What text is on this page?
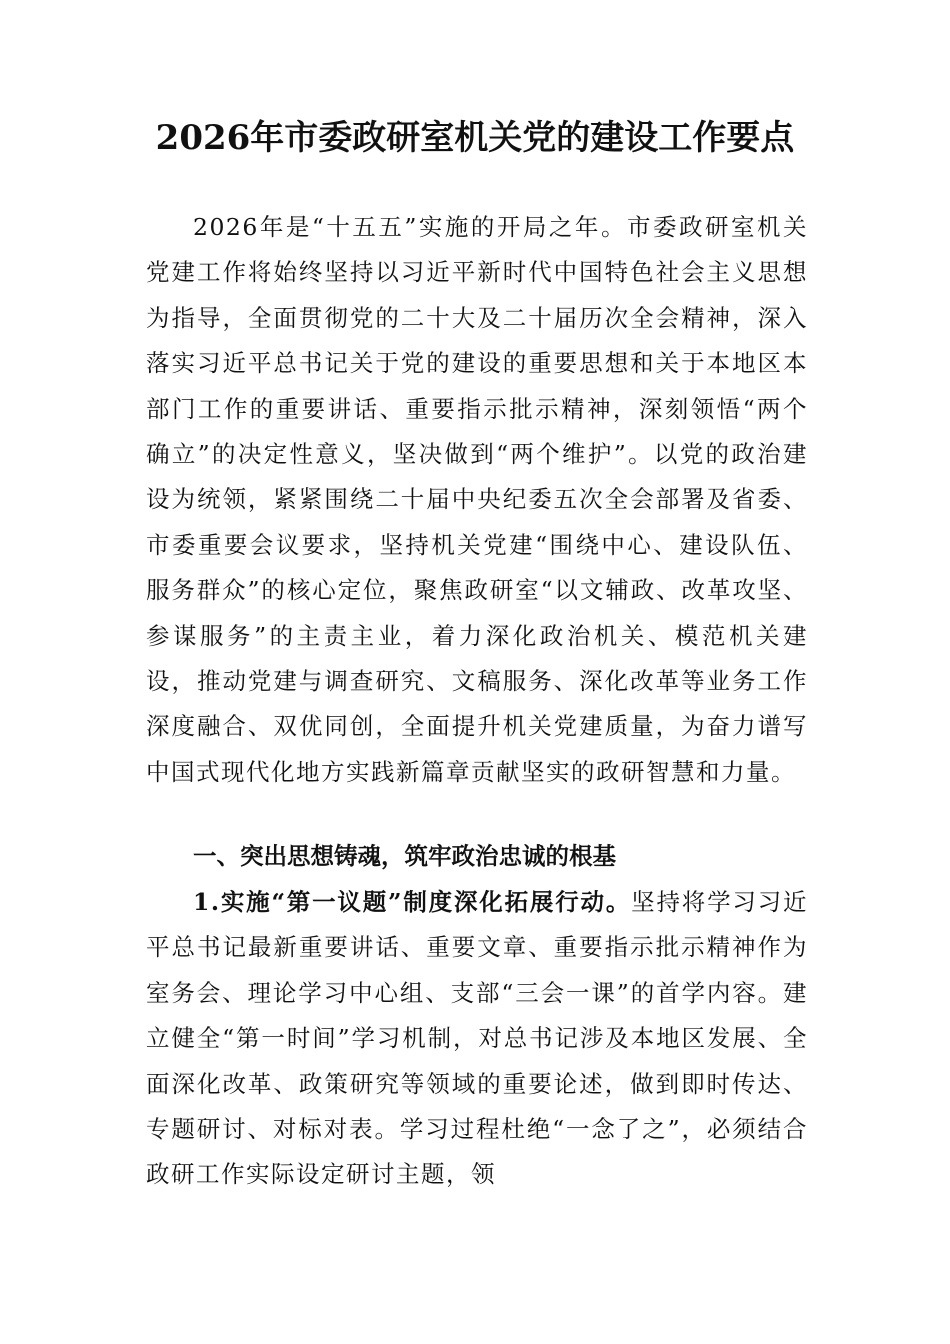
2026年市委政研室机关党的建设工作要点
2026年是“十五五”实施的开局之年。市委政研室机关党建工作将始终坚持以习近平新时代中国特色社会主义思想为指导，全面贯彻党的二十大及二十届历次全会精神，深入落实习近平总书记关于党的建设的重要思想和关于本地区本部门工作的重要讲话、重要指示批示精神，深刻领悟“两个确立”的决定性意义，坚决做到“两个维护”。以党的政治建设为统领，紧紧围绕二十届中央纪委五次全会部署及省委、市委重要会议要求，坚持机关党建“围绕中心、建设队伍、服务群众”的核心定位，聚焦政研室“以文辅政、改革攻坚、参谋服务”的主责主业，着力深化政治机关、模范机关建设，推动党建与调查研究、文稿服务、深化改革等业务工作深度融合、双优同创，全面提升机关党建质量，为奋力谱写中国式现代化地方实践新篇章贡献坚实的政研智慧和力量。
一、突出思想铸魂，筑牢政治忠诚的根基
1.实施“第一议题”制度深化拓展行动。坚持将学习习近平总书记最新重要讲话、重要文章、重要指示批示精神作为室务会、理论学习中心组、支部“三会一课”的首学内容。建立健全“第一时间”学习机制，对总书记涉及本地区发展、全面深化改革、政策研究等领域的重要论述，做到即时传达、专题研讨、对标对表。学习过程杜绝“一念了之”，必须结合政研工作实际设定研讨主题，领
